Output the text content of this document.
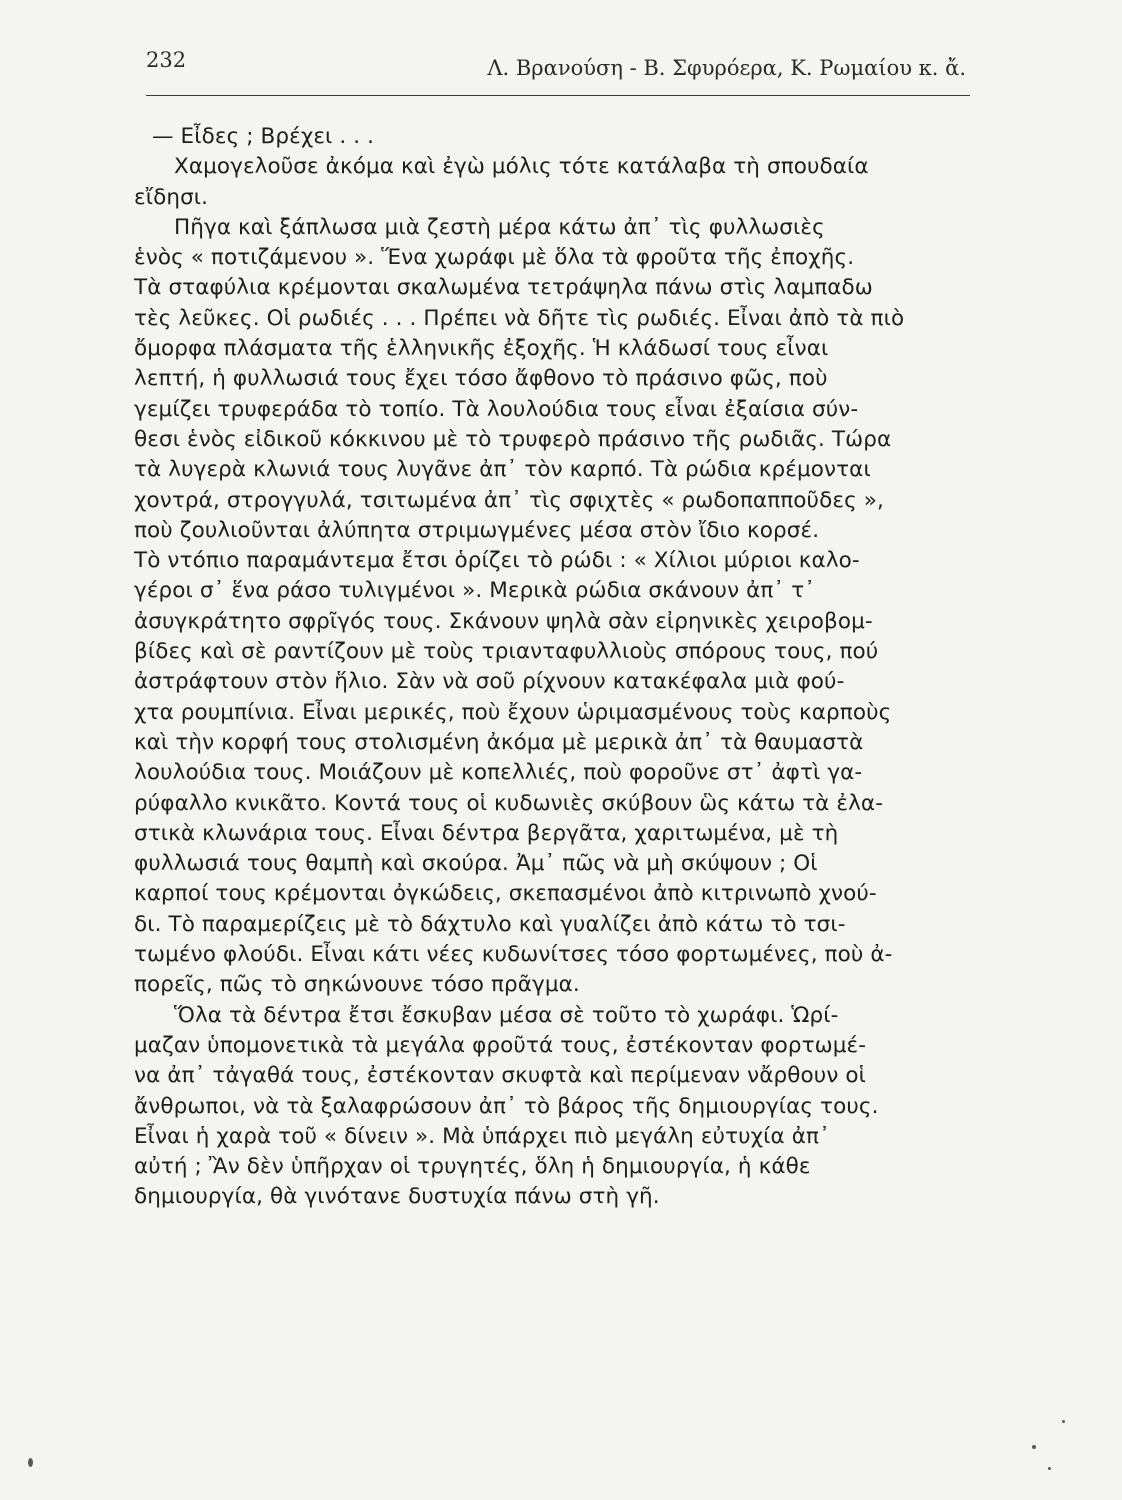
232	Λ. Βρανούση - Β. Σφυρόερα, Κ. Ρωμαίου κ. ἄ.
— Εἶδες ; Βρέχει . . .
Χαμογελοῦσε ἀκόμα καὶ ἐγὼ μόλις τότε κατάλαβα τὴ σπουδαία
εἴδησι.
Πῆγα καὶ ξάπλωσα μιὰ ζεστὴ μέρα κάτω ἀπ᾿ τὶς φυλλωσιὲς
ἑνὸς « ποτιζάμενου ». Ἕνα χωράφι μὲ ὅλα τὰ φροῦτα τῆς ἐποχῆς.
Τὰ σταφύλια κρέμονται σκαλωμένα τετράψηλα πάνω στὶς λαμπαδω
τὲς λεῦκες. Οἱ ρωδιές . . . Πρέπει νὰ δῆτε τὶς ρωδιές. Εἶναι ἀπὸ τὰ πιὸ
ὄμορφα πλάσματα τῆς ἑλληνικῆς ἐξοχῆς. Ἡ κλάδωσί τους εἶναι
λεπτή, ἡ φυλλωσιά τους ἔχει τόσο ἄφθονο τὸ πράσινο φῶς, ποὺ
γεμίζει τρυφεράδα τὸ τοπίο. Τὰ λουλούδια τους εἶναι ἐξαίσια σύν-
θεσι ἑνὸς εἰδικοῦ κόκκινου μὲ τὸ τρυφερὸ πράσινο τῆς ρωδιᾶς. Τώρα
τὰ λυγερὰ κλωνιά τους λυγᾶνε ἀπ᾿ τὸν καρπό. Τὰ ρώδια κρέμονται
χοντρά, στρογγυλά, τσιτωμένα ἀπ᾿ τὶς σφιχτὲς « ρωδοπαπποῦδες »,
ποὺ ζουλιοῦνται ἀλύπητα στριμωγμένες μέσα στὸν ἴδιο κορσέ.
Τὸ ντόπιο παραμάντεμα ἔτσι ὁρίζει τὸ ρώδι : « Χίλιοι μύριοι καλο-
γέροι σ᾿ ἕνα ράσο τυλιγμένοι ». Μερικὰ ρώδια σκάνουν ἀπ᾿ τ᾿
ἀσυγκράτητο σφρῖγός τους. Σκάνουν ψηλὰ σὰν εἰρηνικὲς χειροβομ-
βίδες καὶ σὲ ραντίζουν μὲ τοὺς τριανταφυλλιοὺς σπόρους τους, πού
ἀστράφτουν στὸν ἥλιο. Σὰν νὰ σοῦ ρίχνουν κατακέφαλα μιὰ φού-
χτα ρουμπίνια. Εἶναι μερικές, ποὺ ἔχουν ὡριμασμένους τοὺς καρποὺς
καὶ τὴν κορφή τους στολισμένη ἀκόμα μὲ μερικὰ ἀπ᾿ τὰ θαυμαστὰ
λουλούδια τους. Μοιάζουν μὲ κοπελλιές, ποὺ φοροῦνε στ᾿ ἀφτὶ γα-
ρύφαλλο κνικᾶτο. Κοντά τους οἱ κυδωνιὲς σκύβουν ὣς κάτω τὰ ἐλα-
στικὰ κλωνάρια τους. Εἶναι δέντρα βεργᾶτα, χαριτωμένα, μὲ τὴ
φυλλωσιά τους θαμπὴ καὶ σκούρα. Ἀμ᾿ πῶς νὰ μὴ σκύψουν ; Οἱ
καρποί τους κρέμονται ὀγκώδεις, σκεπασμένοι ἀπὸ κιτρινωπὸ χνού-
δι. Τὸ παραμερίζεις μὲ τὸ δάχτυλο καὶ γυαλίζει ἀπὸ κάτω τὸ τσι-
τωμένο φλούδι. Εἶναι κάτι νέες κυδωνίτσες τόσο φορτωμένες, ποὺ ἀ-
πορεῖς, πῶς τὸ σηκώνουνε τόσο πρᾶγμα.
Ὅλα τὰ δέντρα ἔτσι ἔσκυβαν μέσα σὲ τοῦτο τὸ χωράφι. Ὡρί-
μαζαν ὑπομονετικὰ τὰ μεγάλα φροῦτά τους, ἐστέκονταν φορτωμέ-
να ἀπ᾿ τἀγαθά τους, ἐστέκονταν σκυφτὰ καὶ περίμεναν νἄρθουν οἱ
ἄνθρωποι, νὰ τὰ ξαλαφρώσουν ἀπ᾿ τὸ βάρος τῆς δημιουργίας τους.
Εἶναι ἡ χαρὰ τοῦ « δίνειν ». Μὰ ὑπάρχει πιὸ μεγάλη εὐτυχία ἀπ᾿
αὐτή ; Ἂν δὲν ὑπῆρχαν οἱ τρυγητές, ὅλη ἡ δημιουργία, ἡ κάθε
δημιουργία, θὰ γινότανε δυστυχία πάνω στὴ γῆ.
